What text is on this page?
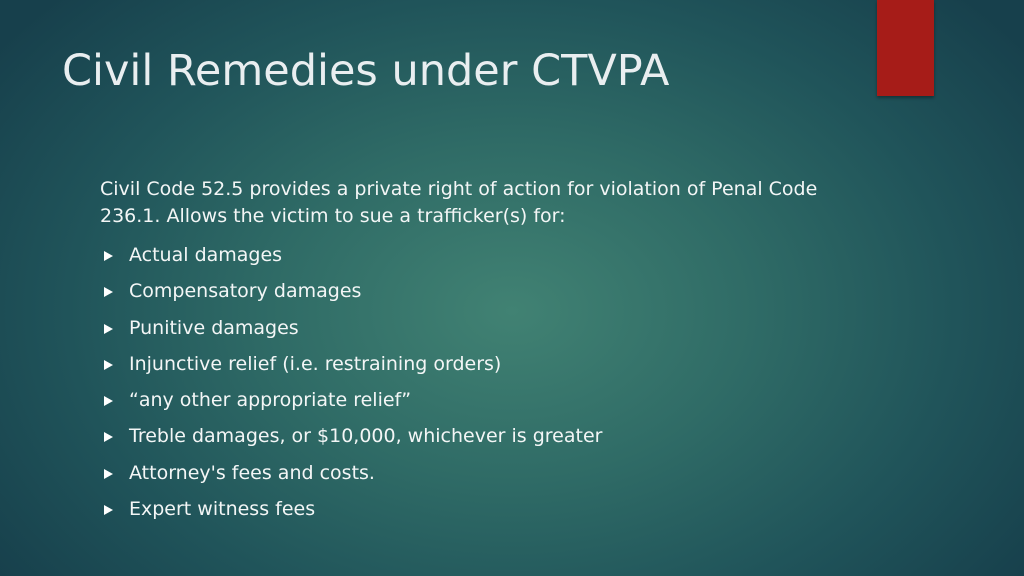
Civil Remedies under CTVPA

Civil Code 52.5 provides a private right of action for violation of Penal Code 236.1. Allows the victim to sue a trafficker(s) for:

Actual damages
Compensatory damages
Punitive damages
Injunctive relief (i.e. restraining orders)
“any other appropriate relief”
Treble damages, or $10,000, whichever is greater
Attorney's fees and costs.
Expert witness fees
